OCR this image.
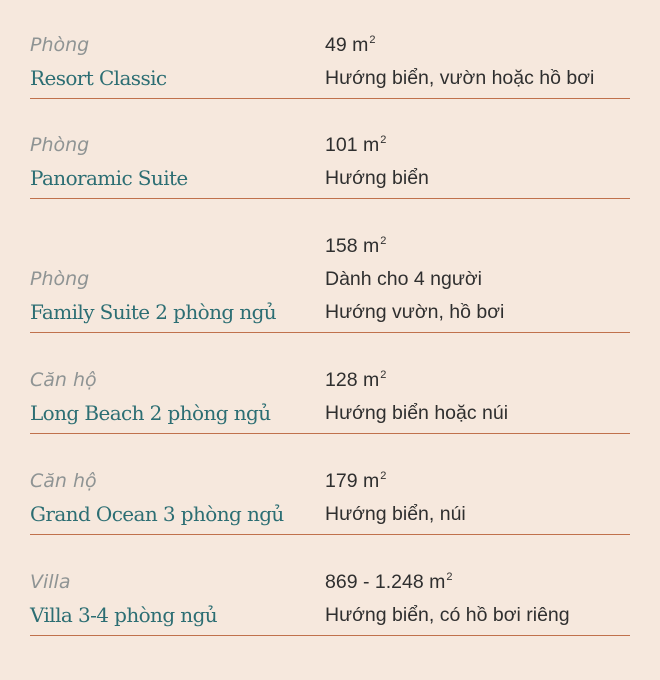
Phòng
Resort Classic
49 $m^2$
Hướng biển, vườn hoặc hồ bơi
Phòng
Panoramic Suite
101 $m^2$
Hướng biển
Phòng
Family Suite 2 phòng ngủ
158 $m^2$
Dành cho 4 người
Hướng vườn, hồ bơi
Căn hộ
Long Beach 2 phòng ngủ
128 $m^2$
Hướng biển hoặc núi
Căn hộ
Grand Ocean 3 phòng ngủ
179 $m^2$
Hướng biển, núi
Villa
Villa 3-4 phòng ngủ
869 - 1.248 $m^2$
Hướng biển, có hồ bơi riêng
